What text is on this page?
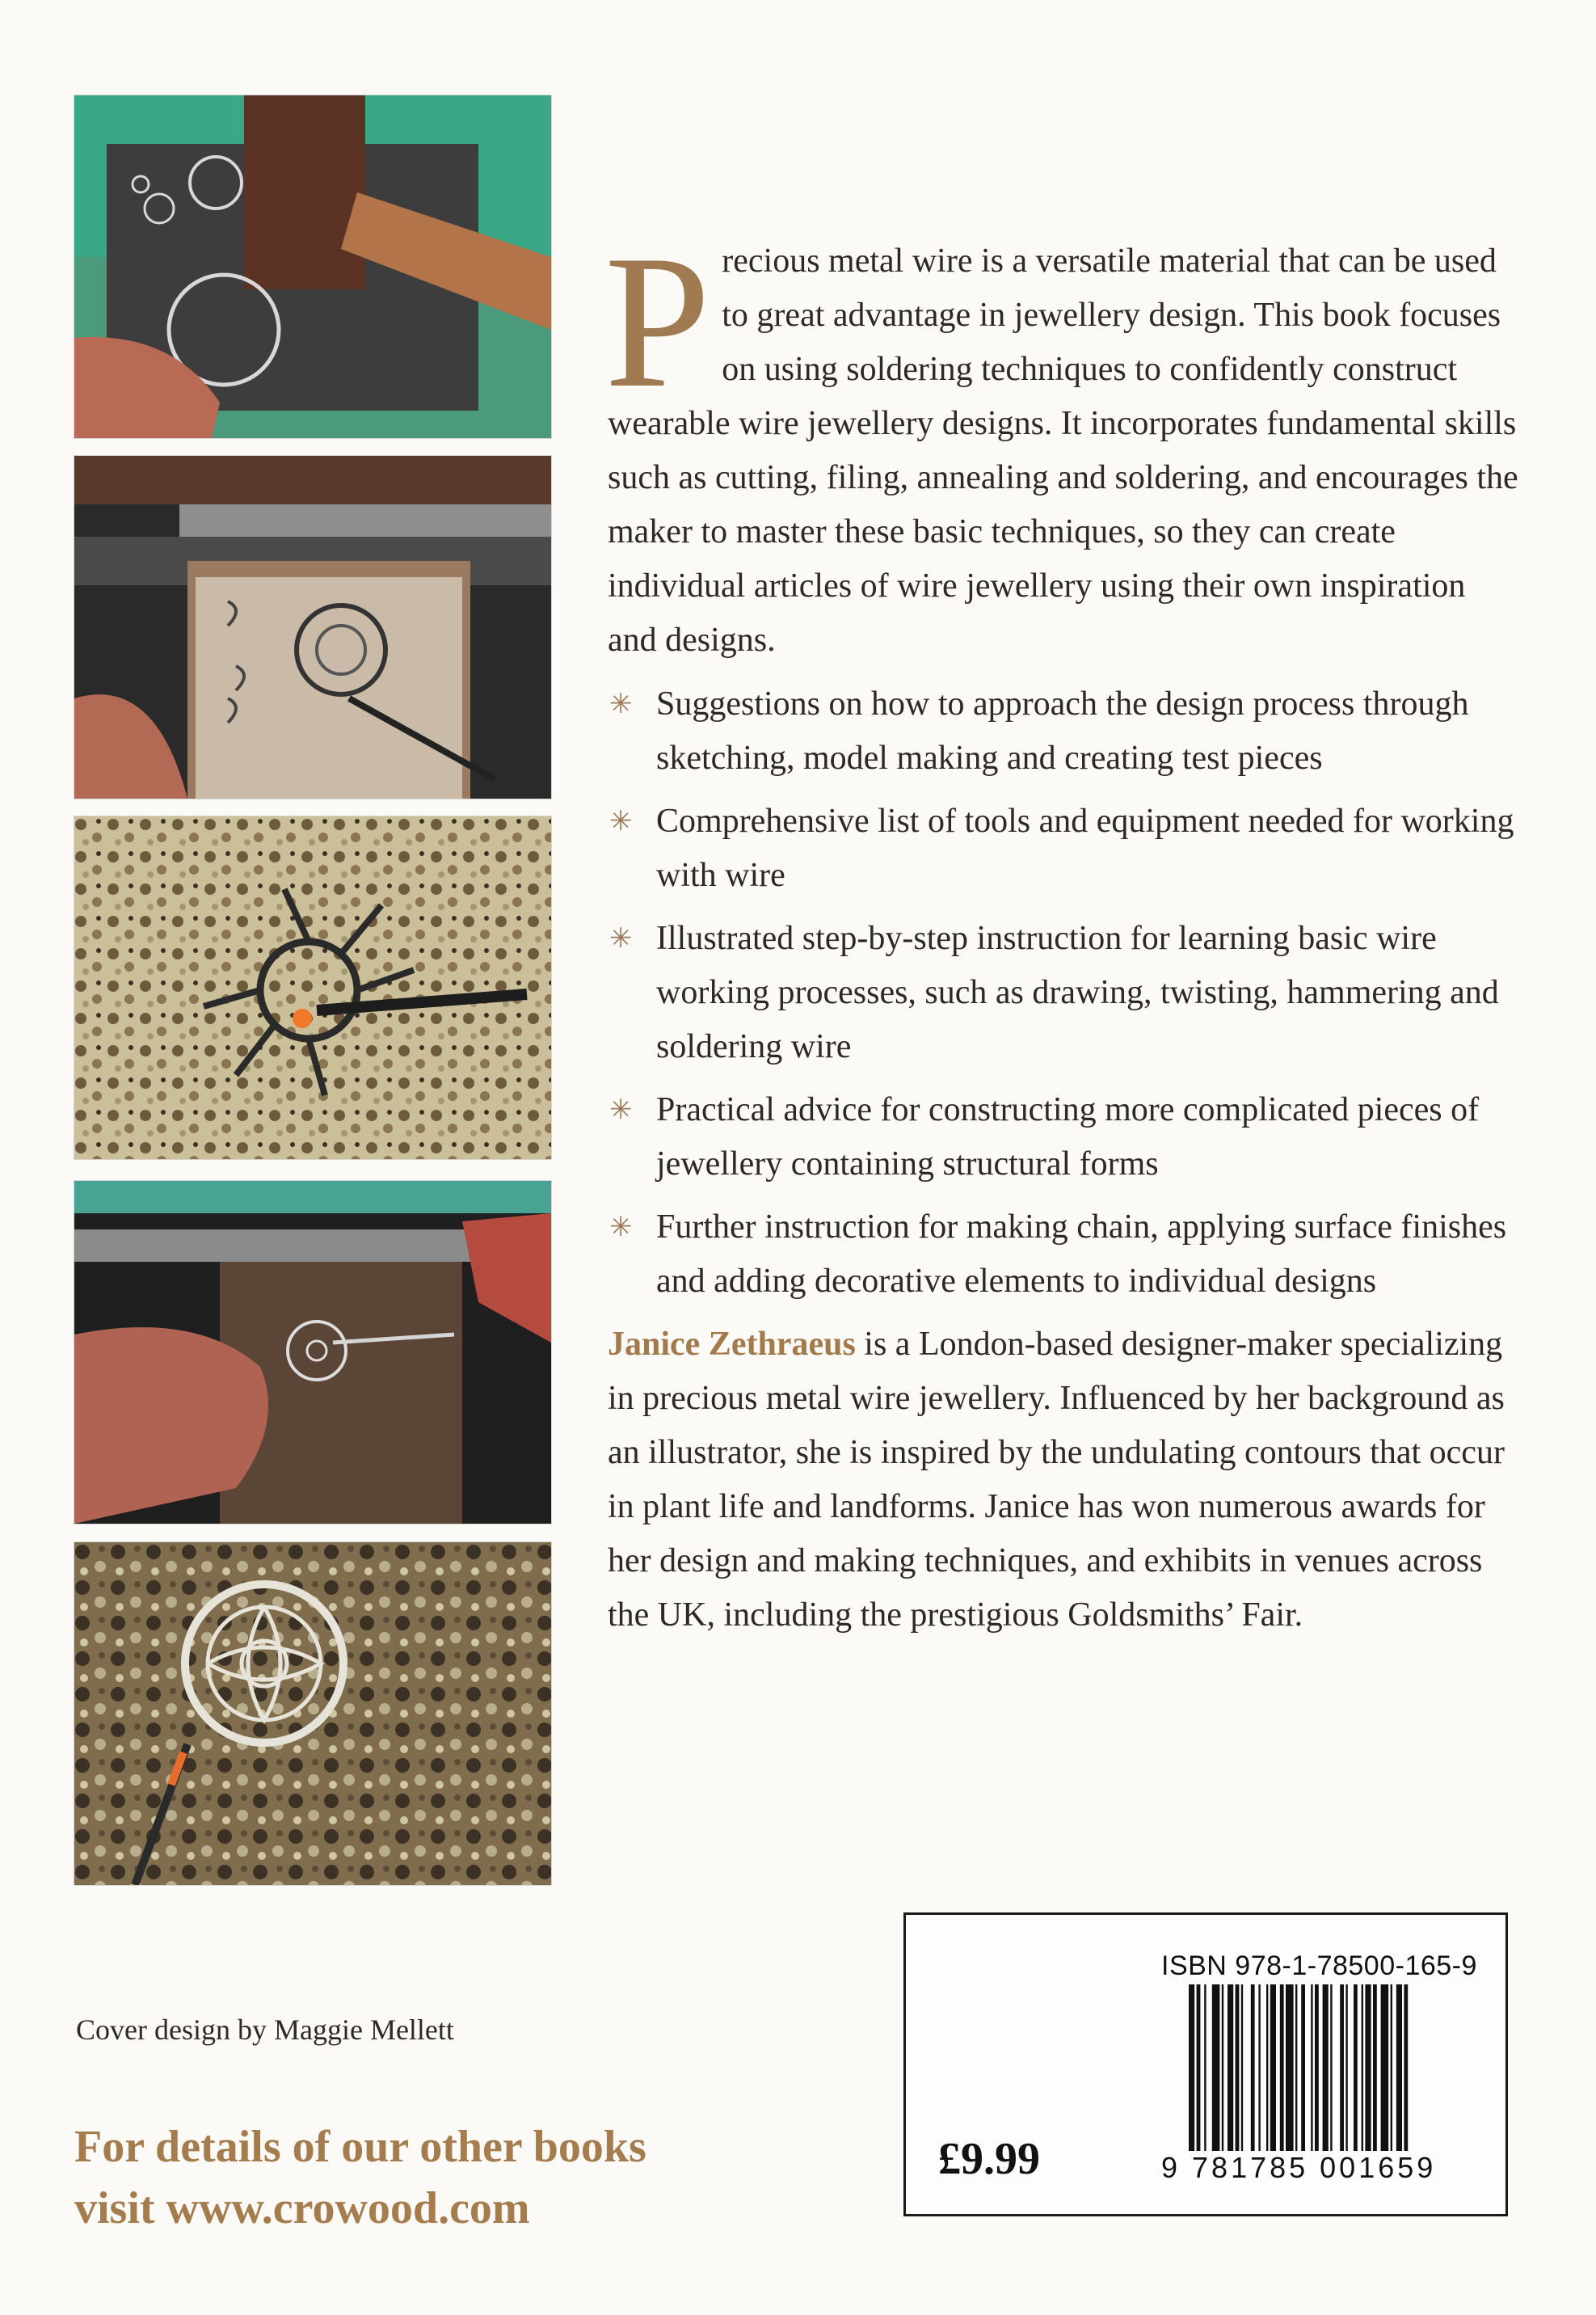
Precious metal wire is a versatile material that can be used to great advantage in jewellery design. This book focuses on using soldering techniques to confidently construct wearable wire jewellery designs. It incorporates fundamental skills such as cutting, filing, annealing and soldering, and encourages the maker to master these basic techniques, so they can create individual articles of wire jewellery using their own inspiration and designs.

✳ Suggestions on how to approach the design process through sketching, model making and creating test pieces
✳ Comprehensive list of tools and equipment needed for working with wire
✳ Illustrated step-by-step instruction for learning basic wire working processes, such as drawing, twisting, hammering and soldering wire
✳ Practical advice for constructing more complicated pieces of jewellery containing structural forms
✳ Further instruction for making chain, applying surface finishes and adding decorative elements to individual designs

Janice Zethraeus is a London-based designer-maker specializing in precious metal wire jewellery. Influenced by her background as an illustrator, she is inspired by the undulating contours that occur in plant life and landforms. Janice has won numerous awards for her design and making techniques, and exhibits in venues across the UK, including the prestigious Goldsmiths’ Fair.

Cover design by Maggie Mellett
For details of our other books
visit www.crowood.com
ISBN 978-1-78500-165-9
9 781785 001659
£9.99
